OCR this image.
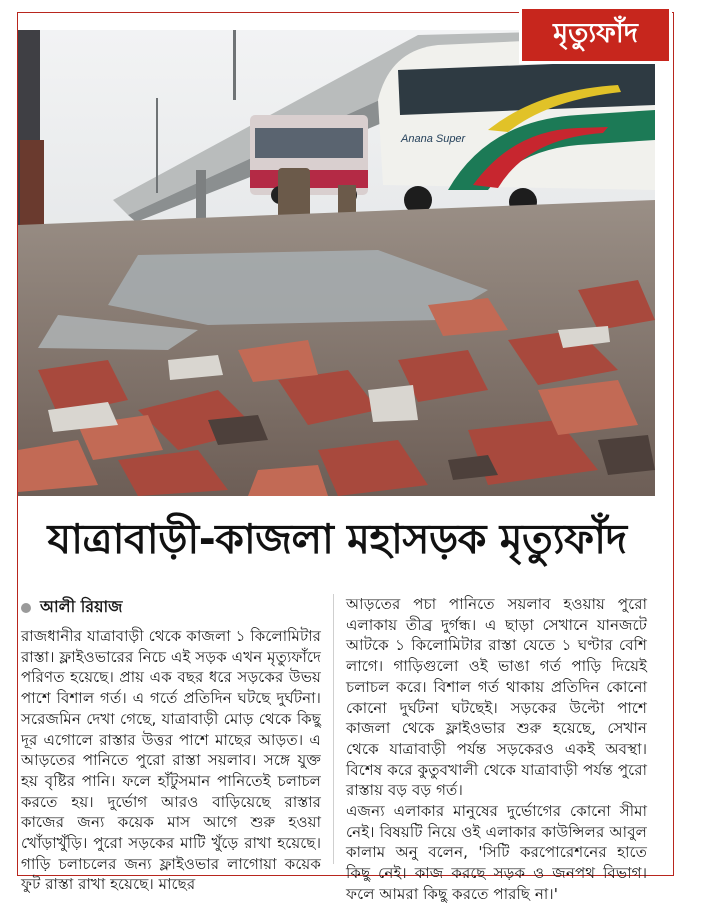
Anana Super
মৃত্যুফাঁদ
যাত্রাবাড়ী-কাজলা মহাসড়ক মৃত্যুফাঁদ
আলী রিয়াজ

রাজধানীর যাত্রাবাড়ী থেকে কাজলা ১ কিলোমিটার রাস্তা। ফ্লাইওভারের নিচে এই সড়ক এখন মৃত্যুফাঁদে পরিণত হয়েছে। প্রায় এক বছর ধরে সড়কের উভয় পাশে বিশাল গর্ত। এ গর্তে প্রতিদিন ঘটছে দুর্ঘটনা। সরেজমিন দেখা গেছে, যাত্রাবাড়ী মোড় থেকে কিছু দূর এগোলে রাস্তার উত্তর পাশে মাছের আড়ত। এ আড়তের পানিতে পুরো রাস্তা সয়লাব। সঙ্গে যুক্ত হয় বৃষ্টির পানি। ফলে হাঁটুসমান পানিতেই চলাচল করতে হয়। দুর্ভোগ আরও বাড়িয়েছে রাস্তার কাজের জন্য কয়েক মাস আগে শুরু হওয়া খোঁড়াখুঁড়ি। পুরো সড়কের মাটি খুঁড়ে রাখা হয়েছে। গাড়ি চলাচলের জন্য ফ্লাইওভার লাগোয়া কয়েক ফুট রাস্তা রাখা হয়েছে। মাছের

আড়তের পচা পানিতে সয়লাব হওয়ায় পুরো এলাকায় তীব্র দুর্গন্ধ। এ ছাড়া সেখানে যানজটে আটকে ১ কিলোমিটার রাস্তা যেতে ১ ঘণ্টার বেশি লাগে। গাড়িগুলো ওই ভাঙা গর্ত পাড়ি দিয়েই চলাচল করে। বিশাল গর্ত থাকায় প্রতিদিন কোনো কোনো দুর্ঘটনা ঘটছেই। সড়কের উল্টো পাশে কাজলা থেকে ফ্লাইওভার শুরু হয়েছে, সেখান থেকে যাত্রাবাড়ী পর্যন্ত সড়কেরও একই অবস্থা। বিশেষ করে কুতুবখালী থেকে যাত্রাবাড়ী পর্যন্ত পুরো রাস্তায় বড় বড় গর্ত।

এজন্য এলাকার মানুষের দুর্ভোগের কোনো সীমা নেই। বিষয়টি নিয়ে ওই এলাকার কাউন্সিলর আবুল কালাম অনু বলেন, 'সিটি করপোরেশনের হাতে কিছু নেই। কাজ করছে সড়ক ও জনপথ বিভাগ। ফলে আমরা কিছু করতে পারছি না।'
